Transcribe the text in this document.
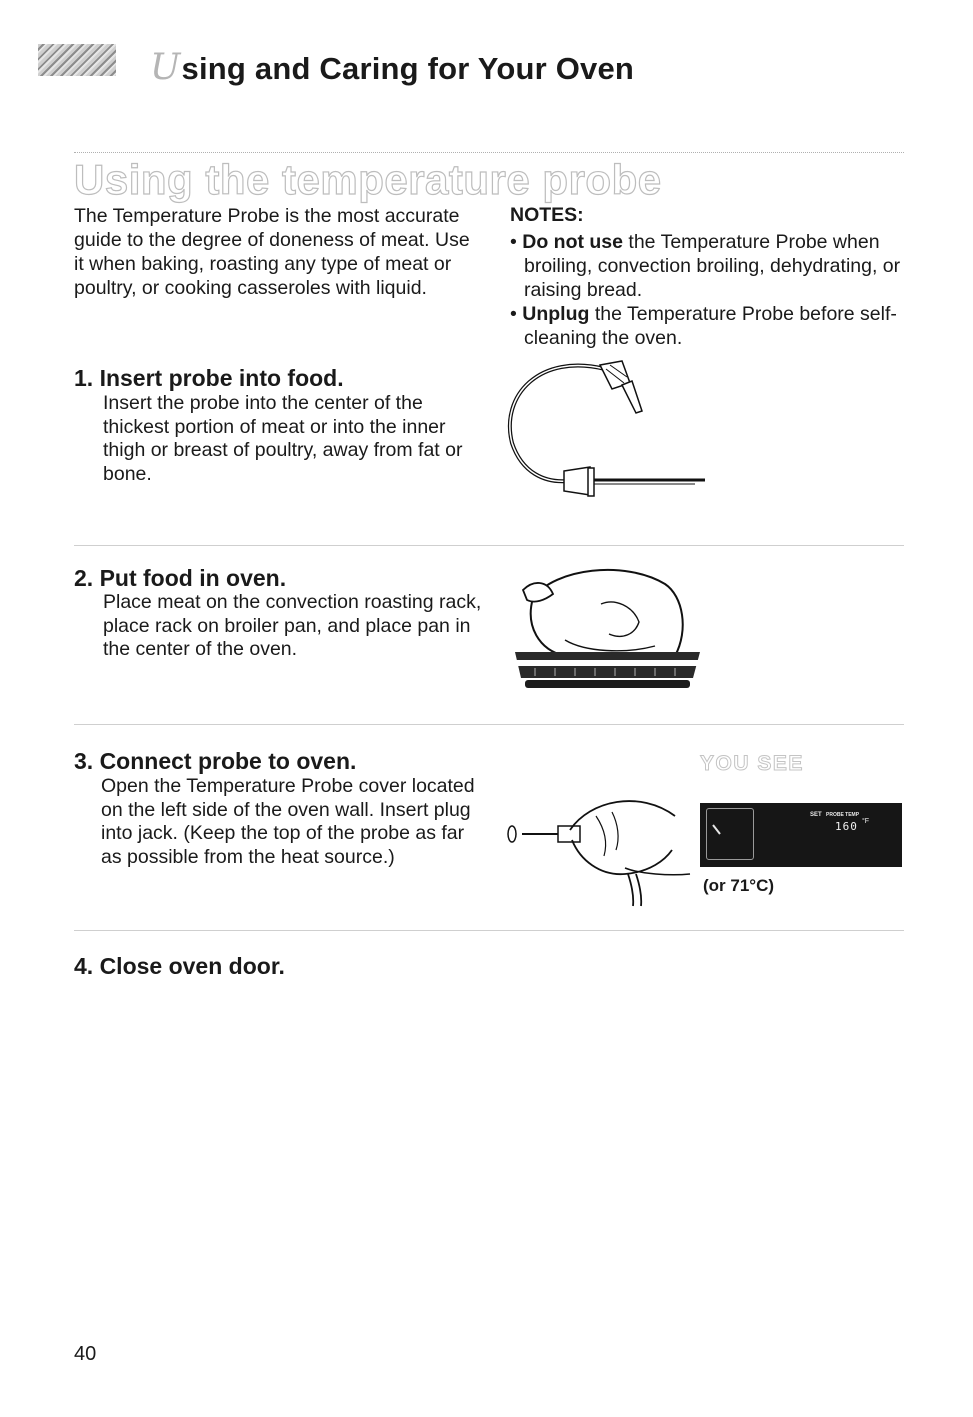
Using and Caring for Your Oven
Using the temperature probe
The Temperature Probe is the most accurate guide to the degree of doneness of meat. Use it when baking, roasting any type of meat or poultry, or cooking casseroles with liquid.
NOTES:
• Do not use the Temperature Probe when broiling, convection broiling, dehydrating, or raising bread.
• Unplug the Temperature Probe before self-cleaning the oven.
1. Insert probe into food.
Insert the probe into the center of the thickest portion of meat or into the inner thigh or breast of poultry, away from fat or bone.
2. Put food in oven.
Place meat on the convection roasting rack, place rack on broiler pan, and place pan in the center of the oven.
3. Connect probe to oven.
Open the Temperature Probe cover located on the left side of the oven wall. Insert plug into jack. (Keep the top of the probe as far as possible from the heat source.)
YOU SEE
SET PROBE TEMP
160 °F
(or 71°C)
4. Close oven door.
40
